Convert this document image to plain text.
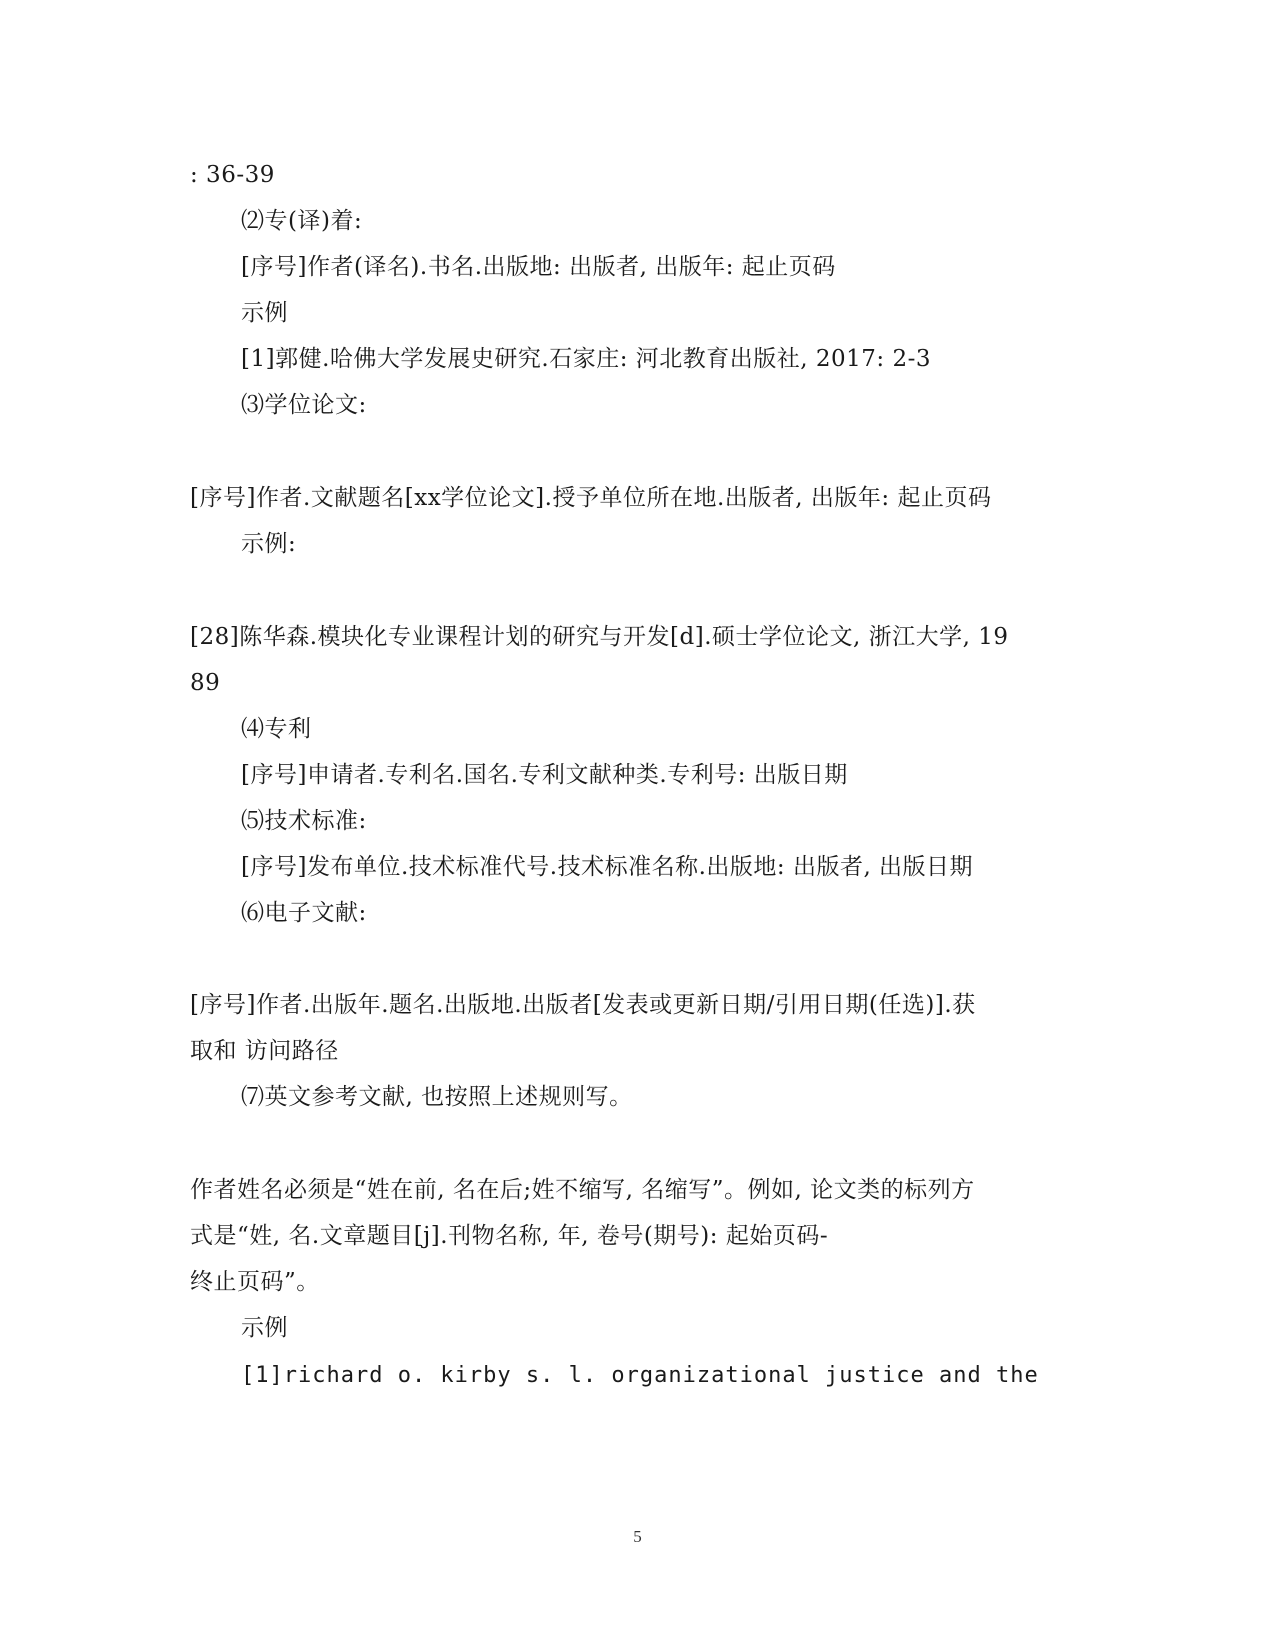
: 36-39
⑵专(译)着:
[序号]作者(译名).书名.出版地: 出版者, 出版年: 起止页码
示例
[1]郭健.哈佛大学发展史研究.石家庄: 河北教育出版社, 2017: 2-3
⑶学位论文:
[序号]作者.文献题名[xx学位论文].授予单位所在地.出版者, 出版年: 起止页码
示例:
[28]陈华森.模块化专业课程计划的研究与开发[d].硕士学位论文, 浙江大学, 19
89
⑷专利
[序号]申请者.专利名.国名.专利文献种类.专利号: 出版日期
⑸技术标准:
[序号]发布单位.技术标准代号.技术标准名称.出版地: 出版者, 出版日期
⑹电子文献:
[序号]作者.出版年.题名.出版地.出版者[发表或更新日期/引用日期(任选)].获
取和 访问路径
⑺英文参考文献, 也按照上述规则写。
作者姓名必须是“姓在前, 名在后;姓不缩写, 名缩写”。例如, 论文类的标列方
式是“姓, 名.文章题目[j].刊物名称, 年, 卷号(期号): 起始页码-
终止页码”。
示例
[1]richard o. kirby s. l. organizational justice and the
5
